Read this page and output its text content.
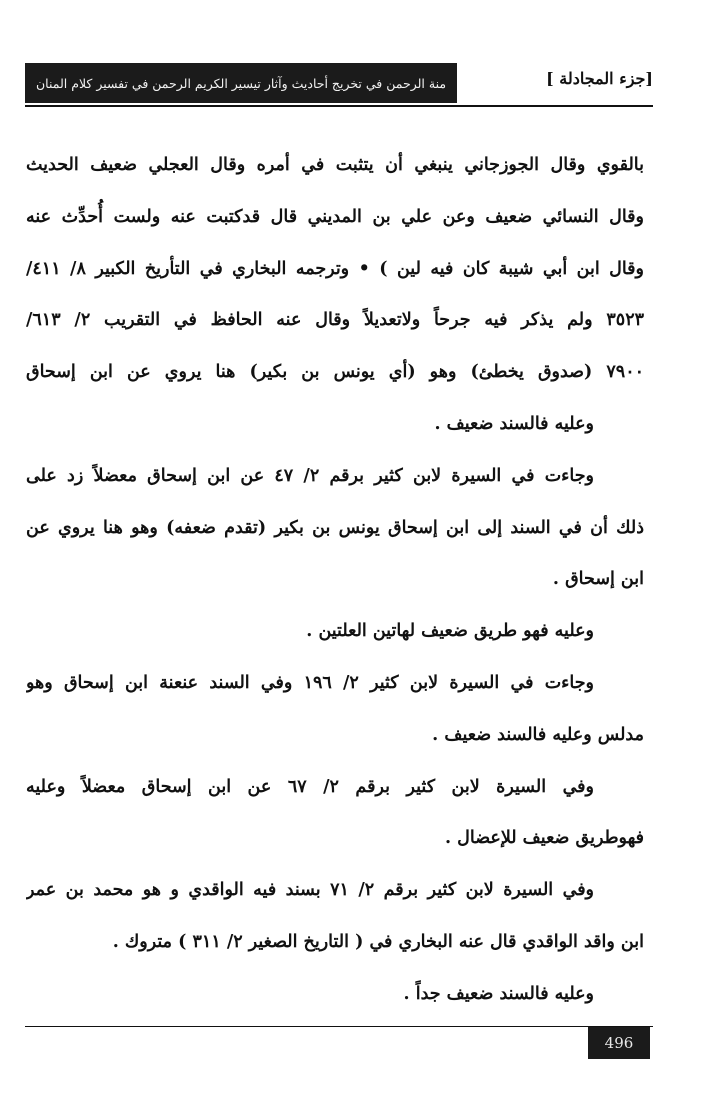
[جزء المجادلة ]
منة الرحمن في تخريج أحاديث وآثار تيسير الكريم الرحمن في تفسير كلام المنان
بالقوي وقال الجوزجاني ينبغي أن يتثبت في أمره وقال العجلي ضعيف الحديث
وقال النسائي ضعيف وعن علي بن المديني قال قدكتبت عنه ولست أُحدِّث عنه
وقال ابن أبي شيبة كان فيه لين ) • وترجمه البخاري في التأريخ الكبير ٨/ ٤١١/
٣٥٢٣ ولم يذكر فيه جرحاً ولاتعديلاً وقال عنه الحافظ في التقريب ٢/ ٦١٣/
٧٩٠٠ (صدوق يخطئ) وهو (أي يونس بن بكير) هنا يروي عن ابن إسحاق
وعليه فالسند ضعيف .
وجاءت في السيرة لابن كثير برقم ٢/ ٤٧ عن ابن إسحاق معضلاً زد على
ذلك أن في السند إلى ابن إسحاق يونس بن بكير (تقدم ضعفه) وهو هنا يروي عن
ابن إسحاق .
وعليه فهو طريق ضعيف لهاتين العلتين .
وجاءت في السيرة لابن كثير ٢/ ١٩٦ وفي السند عنعنة ابن إسحاق وهو
مدلس وعليه فالسند ضعيف .
وفي السيرة لابن كثير برقم ٢/ ٦٧ عن ابن إسحاق معضلاً وعليه
فهوطريق ضعيف للإعضال .
وفي السيرة لابن كثير برقم ٢/ ٧١ بسند فيه الواقدي و هو محمد بن عمر
ابن واقد الواقدي قال عنه البخاري في ( التاريخ الصغير ٢/ ٣١١ ) متروك .
وعليه فالسند ضعيف جداً .
496
